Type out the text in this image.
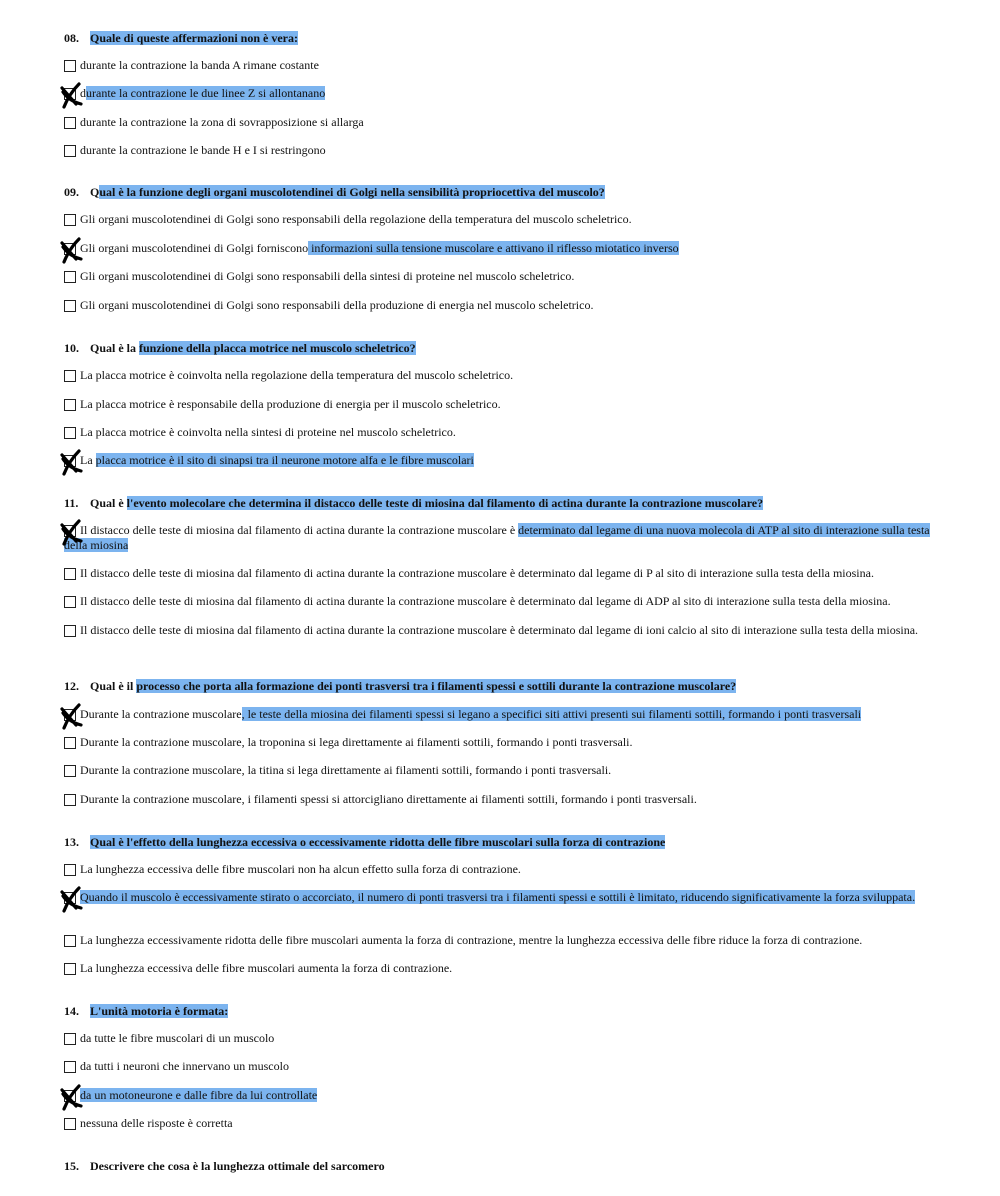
08. Quale di queste affermazioni non è vera:
durante la contrazione la banda A rimane costante
durante la contrazione le due linee Z si allontanano
durante la contrazione la zona di sovrapposizione si allarga
durante la contrazione le bande H e I si restringono
09. Qual è la funzione degli organi muscolotendinei di Golgi nella sensibilità propriocettiva del muscolo?
Gli organi muscolotendinei di Golgi sono responsabili della regolazione della temperatura del muscolo scheletrico.
Gli organi muscolotendinei di Golgi forniscono informazioni sulla tensione muscolare e attivano il riflesso miotatico inverso
Gli organi muscolotendinei di Golgi sono responsabili della sintesi di proteine nel muscolo scheletrico.
Gli organi muscolotendinei di Golgi sono responsabili della produzione di energia nel muscolo scheletrico.
10. Qual è la funzione della placca motrice nel muscolo scheletrico?
La placca motrice è coinvolta nella regolazione della temperatura del muscolo scheletrico.
La placca motrice è responsabile della produzione di energia per il muscolo scheletrico.
La placca motrice è coinvolta nella sintesi di proteine nel muscolo scheletrico.
La placca motrice è il sito di sinapsi tra il neurone motore alfa e le fibre muscolari
11. Qual è l'evento molecolare che determina il distacco delle teste di miosina dal filamento di actina durante la contrazione muscolare?
Il distacco delle teste di miosina dal filamento di actina durante la contrazione muscolare è determinato dal legame di una nuova molecola di ATP al sito di interazione sulla testa della miosina
Il distacco delle teste di miosina dal filamento di actina durante la contrazione muscolare è determinato dal legame di P al sito di interazione sulla testa della miosina.
Il distacco delle teste di miosina dal filamento di actina durante la contrazione muscolare è determinato dal legame di ADP al sito di interazione sulla testa della miosina.
Il distacco delle teste di miosina dal filamento di actina durante la contrazione muscolare è determinato dal legame di ioni calcio al sito di interazione sulla testa della miosina.
12. Qual è il processo che porta alla formazione dei ponti trasversi tra i filamenti spessi e sottili durante la contrazione muscolare?
Durante la contrazione muscolare, le teste della miosina dei filamenti spessi si legano a specifici siti attivi presenti sui filamenti sottili, formando i ponti trasversali
Durante la contrazione muscolare, la troponina si lega direttamente ai filamenti sottili, formando i ponti trasversali.
Durante la contrazione muscolare, la titina si lega direttamente ai filamenti sottili, formando i ponti trasversali.
Durante la contrazione muscolare, i filamenti spessi si attorcigliano direttamente ai filamenti sottili, formando i ponti trasversali.
13. Qual è l'effetto della lunghezza eccessiva o eccessivamente ridotta delle fibre muscolari sulla forza di contrazione
La lunghezza eccessiva delle fibre muscolari non ha alcun effetto sulla forza di contrazione.
Quando il muscolo è eccessivamente stirato o accorciato, il numero di ponti trasversi tra i filamenti spessi e sottili è limitato, riducendo significativamente la forza sviluppata.
La lunghezza eccessivamente ridotta delle fibre muscolari aumenta la forza di contrazione, mentre la lunghezza eccessiva delle fibre riduce la forza di contrazione.
La lunghezza eccessiva delle fibre muscolari aumenta la forza di contrazione.
14. L'unità motoria è formata:
da tutte le fibre muscolari di un muscolo
da tutti i neuroni che innervano un muscolo
da un motoneurone e dalle fibre da lui controllate
nessuna delle risposte è corretta
15. Descrivere che cosa è la lunghezza ottimale del sarcomero
